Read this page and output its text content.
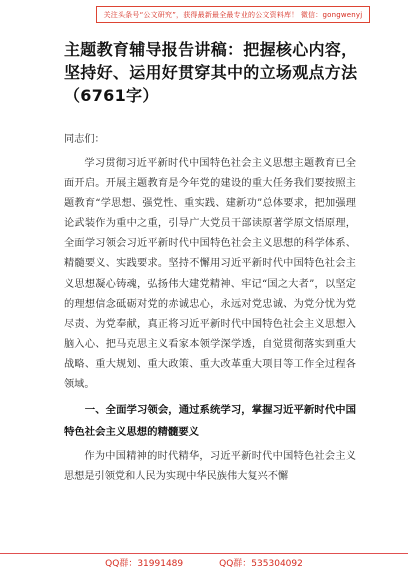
关注头条号“公文研究”，获得最新最全最专业的公文资料库！ 微信：gongwenyj
主题教育辅导报告讲稿：把握核心内容，坚持好、运用好贯穿其中的立场观点方法（6761字）

同志们：

学习贯彻习近平新时代中国特色社会主义思想主题教育已全面开启。开展主题教育是今年党的建设的重大任务我们要按照主题教育“学思想、强党性、重实践、建新功”总体要求，把加强理论武装作为重中之重，引导广大党员干部读原著学原文悟原理，全面学习领会习近平新时代中国特色社会主义思想的科学体系、精髓要义、实践要求。坚持不懈用习近平新时代中国特色社会主义思想凝心铸魂，弘扬伟大建党精神、牢记“国之大者”，以坚定的理想信念砥砺对党的赤诚忠心，永远对党忠诚、为党分忧为党尽责、为党奉献，真正将习近平新时代中国特色社会主义思想入脑入心、把马克思主义看家本领学深学透，自觉贯彻落实到重大战略、重大规划、重大政策、重大改革重大项目等工作全过程各领域。

一、全面学习领会，通过系统学习，掌握习近平新时代中国特色社会主义思想的精髓要义

作为中国精神的时代精华，习近平新时代中国特色社会主义思想是引领党和人民为实现中华民族伟大复兴不懈

QQ群：31991489	QQ群：535304092
